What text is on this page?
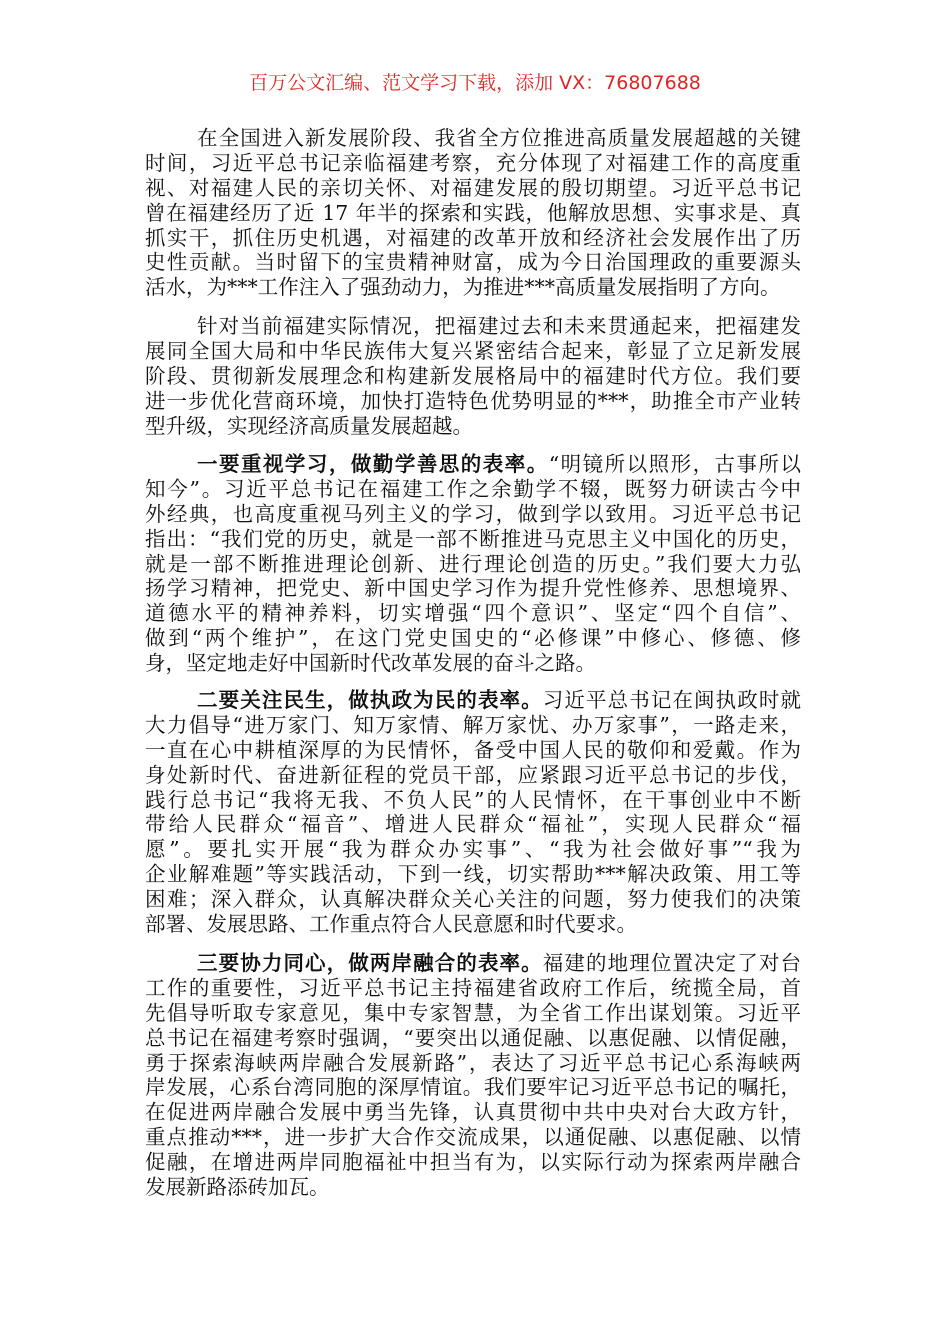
百万公文汇编、范文学习下载，添加 VX：76807688
在全国进入新发展阶段、我省全方位推进高质量发展超越的关键
时间，习近平总书记亲临福建考察，充分体现了对福建工作的高度重
视、对福建人民的亲切关怀、对福建发展的殷切期望。习近平总书记
曾在福建经历了近 17 年半的探索和实践，他解放思想、实事求是、真
抓实干，抓住历史机遇，对福建的改革开放和经济社会发展作出了历
史性贡献。当时留下的宝贵精神财富，成为今日治国理政的重要源头
活水，为***工作注入了强劲动力，为推进***高质量发展指明了方向。
针对当前福建实际情况，把福建过去和未来贯通起来，把福建发
展同全国大局和中华民族伟大复兴紧密结合起来，彰显了立足新发展
阶段、贯彻新发展理念和构建新发展格局中的福建时代方位。我们要
进一步优化营商环境，加快打造特色优势明显的***，助推全市产业转
型升级，实现经济高质量发展超越。
一要重视学习，做勤学善思的表率。“明镜所以照形，古事所以
知今”。习近平总书记在福建工作之余勤学不辍，既努力研读古今中
外经典，也高度重视马列主义的学习，做到学以致用。习近平总书记
指出：“我们党的历史，就是一部不断推进马克思主义中国化的历史，
就是一部不断推进理论创新、进行理论创造的历史。”我们要大力弘
扬学习精神，把党史、新中国史学习作为提升党性修养、思想境界、
道德水平的精神养料，切实增强“四个意识”、坚定“四个自信”、
做到“两个维护”，在这门党史国史的“必修课”中修心、修德、修
身，坚定地走好中国新时代改革发展的奋斗之路。
二要关注民生，做执政为民的表率。习近平总书记在闽执政时就
大力倡导“进万家门、知万家情、解万家忧、办万家事”，一路走来，
一直在心中耕植深厚的为民情怀，备受中国人民的敬仰和爱戴。作为
身处新时代、奋进新征程的党员干部，应紧跟习近平总书记的步伐，
践行总书记“我将无我、不负人民”的人民情怀，在干事创业中不断
带给人民群众“福音”、增进人民群众“福祉”，实现人民群众“福
愿”。要扎实开展“我为群众办实事”、“我为社会做好事”“我为
企业解难题”等实践活动，下到一线，切实帮助***解决政策、用工等
困难；深入群众，认真解决群众关心关注的问题，努力使我们的决策
部署、发展思路、工作重点符合人民意愿和时代要求。
三要协力同心，做两岸融合的表率。福建的地理位置决定了对台
工作的重要性，习近平总书记主持福建省政府工作后，统揽全局，首
先倡导听取专家意见，集中专家智慧，为全省工作出谋划策。习近平
总书记在福建考察时强调，“要突出以通促融、以惠促融、以情促融，
勇于探索海峡两岸融合发展新路”，表达了习近平总书记心系海峡两
岸发展，心系台湾同胞的深厚情谊。我们要牢记习近平总书记的嘱托，
在促进两岸融合发展中勇当先锋，认真贯彻中共中央对台大政方针，
重点推动***，进一步扩大合作交流成果，以通促融、以惠促融、以情
促融，在增进两岸同胞福祉中担当有为，以实际行动为探索两岸融合
发展新路添砖加瓦。
